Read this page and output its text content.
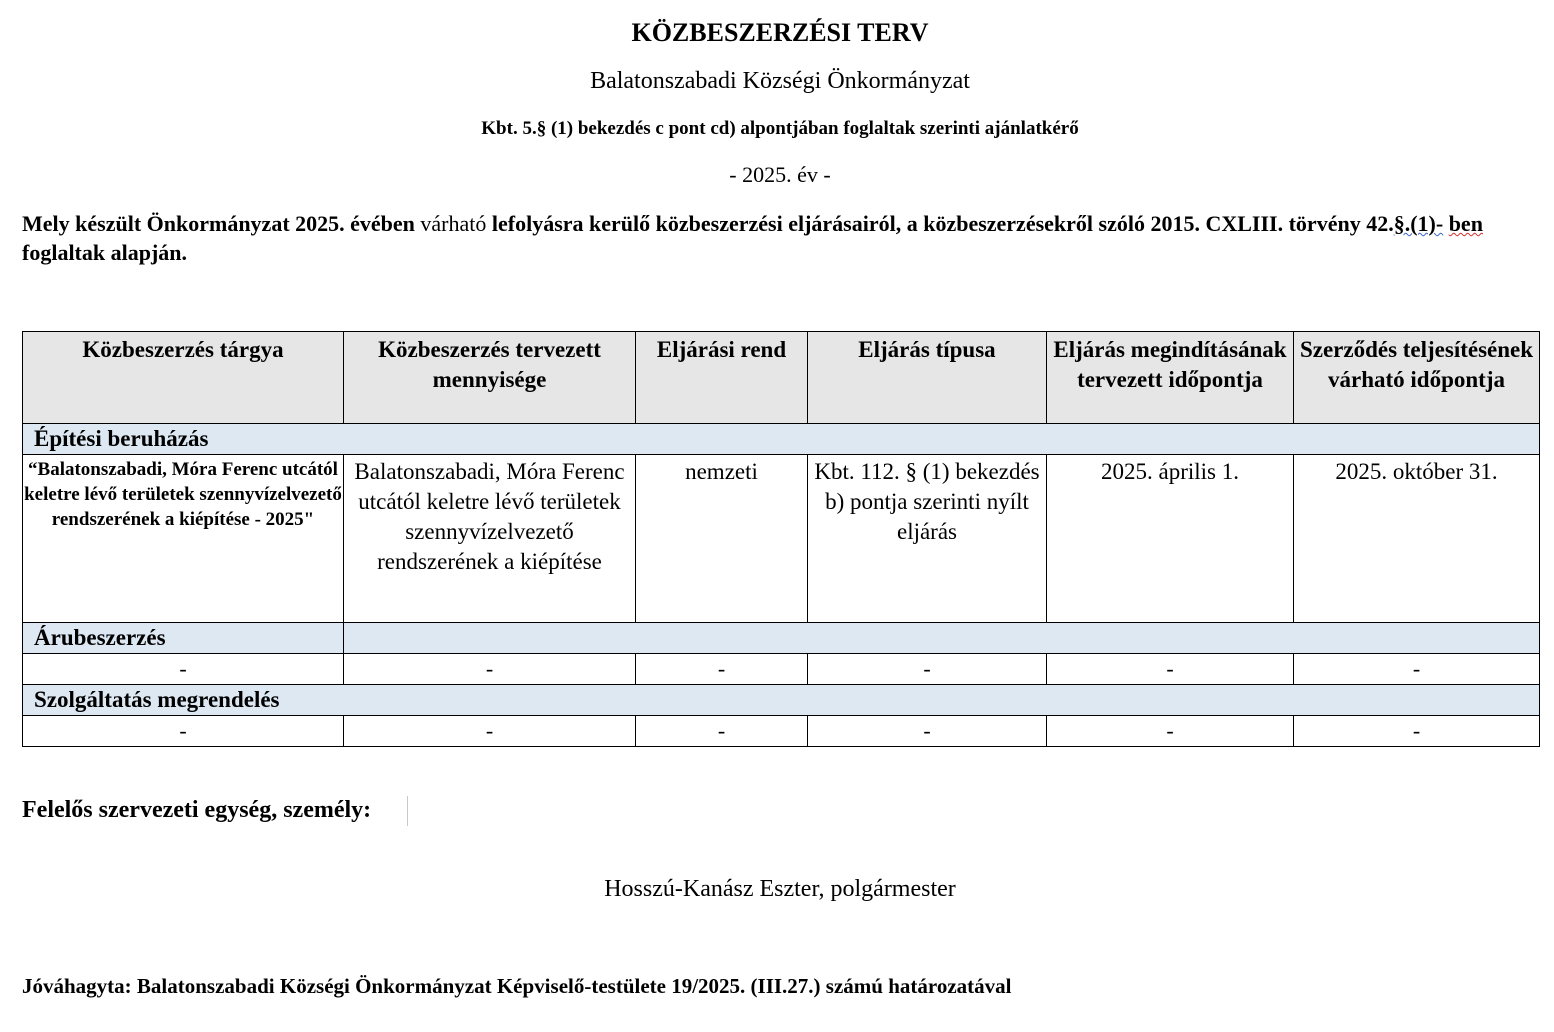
KÖZBESZERZÉSI TERV
Balatonszabadi Községi Önkormányzat
Kbt. 5.§ (1) bekezdés c pont cd) alpontjában foglaltak szerinti ajánlatkérő
- 2025. év -
Mely készült Önkormányzat 2025. évében várható lefolyásra kerülő közbeszerzési eljárásairól, a közbeszerzésekről szóló 2015. CXLIII. törvény 42.§.(1)- ben foglaltak alapján.
Közbeszerzés tárgya	Közbeszerzés tervezett mennyisége	Eljárási rend	Eljárás típusa	Eljárás megindításának tervezett időpontja	Szerződés teljesítésének várható időpontja
Építési beruházás					
“Balatonszabadi, Móra Ferenc utcától keletre lévő területek szennyvízelvezető rendszerének a kiépítése - 2025"	Balatonszabadi, Móra Ferenc utcától keletre lévő területek szennyvízelvezető rendszerének a kiépítése	nemzeti	Kbt. 112. § (1) bekezdés b) pontja szerinti nyílt eljárás	2025. április 1.	2025. október 31.
Árubeszerzés					
-	-	-	-	-	-
Szolgáltatás megrendelés					
-	-	-	-	-	-
Felelős szervezeti egység, személy:
Hosszú-Kanász Eszter, polgármester
Jóváhagyta: Balatonszabadi Községi Önkormányzat Képviselő-testülete 19/2025. (III.27.) számú határozatával
